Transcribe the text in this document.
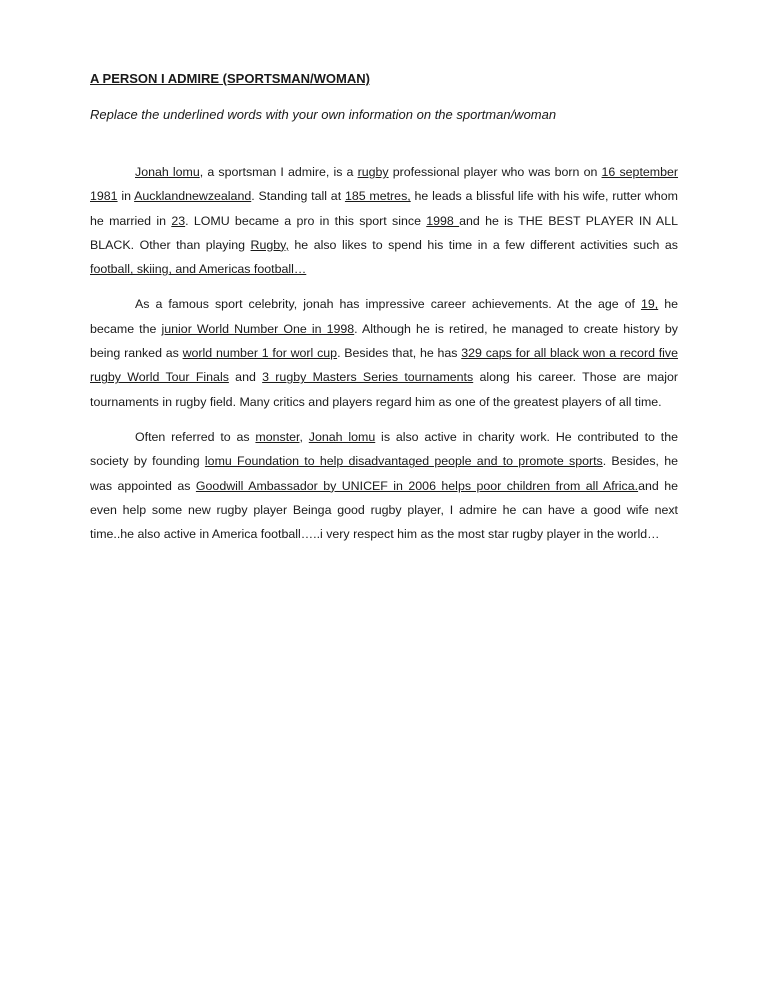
A PERSON I ADMIRE (SPORTSMAN/WOMAN)

Replace the underlined words with your own information on the sportman/woman

Jonah lomu, a sportsman I admire, is a rugby professional player who was born on 16 september 1981 in Aucklandnewzealand. Standing tall at 185 metres, he leads a blissful life with his wife, rutter whom he married in 23. LOMU became a pro in this sport since 1998 and he is THE BEST PLAYER IN ALL BLACK. Other than playing Rugby, he also likes to spend his time in a few different activities such as football, skiing, and Americas football…

As a famous sport celebrity, jonah has impressive career achievements. At the age of 19, he became the junior World Number One in 1998. Although he is retired, he managed to create history by being ranked as world number 1 for worl cup. Besides that, he has 329 caps for all black won a record five rugby World Tour Finals and 3 rugby Masters Series tournaments along his career. Those are major tournaments in rugby field. Many critics and players regard him as one of the greatest players of all time.

Often referred to as monster, Jonah lomu is also active in charity work. He contributed to the society by founding lomu Foundation to help disadvantaged people and to promote sports. Besides, he was appointed as Goodwill Ambassador by UNICEF in 2006 helps poor children from all Africa.and he even help some new rugby player Beinga good rugby player, I admire he can have a good wife next time..he also active in America football…..i very respect him as the most star rugby player in the world…
